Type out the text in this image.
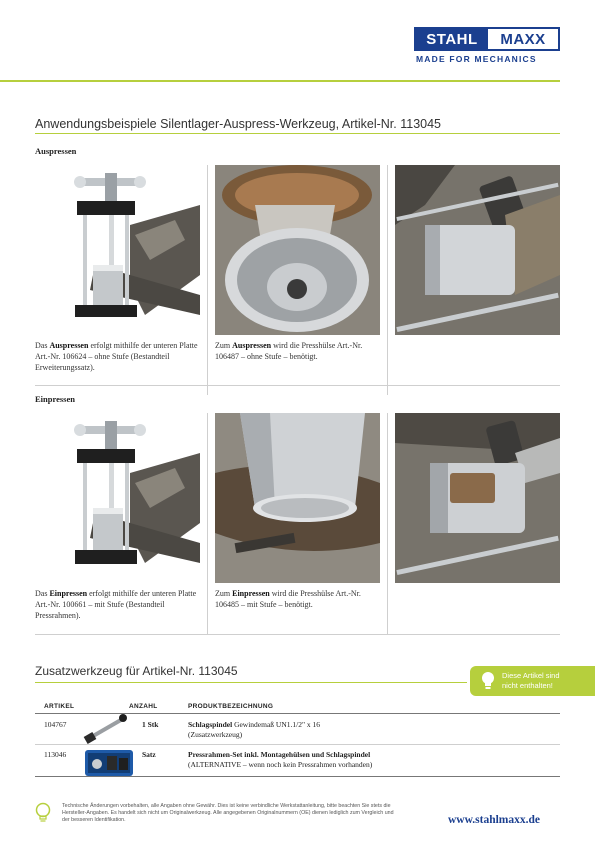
STAHL	MAXX
MADE FOR MECHANICS
Anwendungsbeispiele Silentlager-Auspress-Werkzeug, Artikel-Nr. 113045
Auspressen
Das Auspressen erfolgt mithilfe der unteren Platte Art.-Nr. 106624 – ohne Stufe (Bestandteil Erweiterungssatz).
Zum Auspressen wird die Presshülse Art.-Nr. 106487 – ohne Stufe – benötigt.
Einpressen
Das Einpressen erfolgt mithilfe der unteren Platte Art.-Nr. 100661 – mit Stufe (Bestandteil Pressrahmen).
Zum Einpressen wird die Presshülse Art.-Nr. 106485 – mit Stufe – benötigt.
Zusatzwerkzeug für Artikel-Nr. 113045	Diese Artikel sind nicht enthalten!
ARTIKEL	ANZAHL	PRODUKTBEZEICHNUNG
104767	1 Stk	Schlagspindel Gewindemaß UN1.1/2" x 16
(Zusatzwerkzeug)
113046	Satz	Pressrahmen-Set inkl. Montagehülsen und Schlagspindel
(ALTERNATIVE – wenn noch kein Pressrahmen vorhanden)
Technische Änderungen vorbehalten, alle Angaben ohne Gewähr. Dies ist keine verbindliche Werkstattanleitung, bitte beachten Sie stets die Hersteller-Angaben. Es handelt sich nicht um Originalwerkzeug. Alle angegebenen Originalnummern (OE) dienen lediglich zum Vergleich und der besseren Identifikation.	www.stahlmaxx.de
